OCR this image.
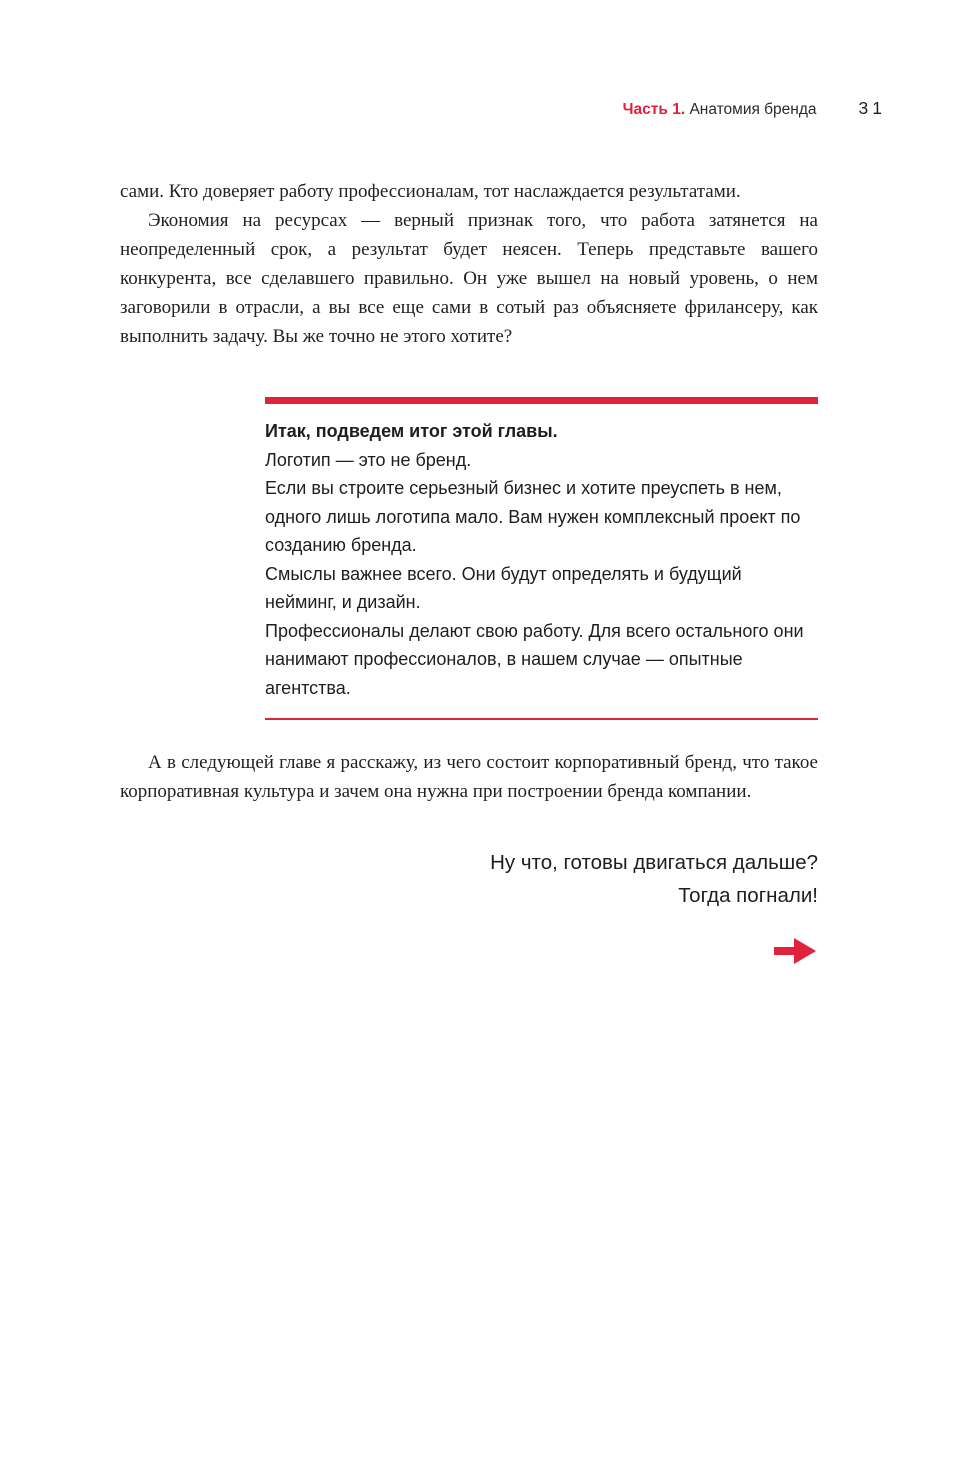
Часть 1. Анатомия бренда 31

сами. Кто доверяет работу профессионалам, тот наслаждается результатами.

Экономия на ресурсах — верный признак того, что работа затянется на неопределенный срок, а результат будет неясен. Теперь представьте вашего конкурента, все сделавшего правильно. Он уже вышел на новый уровень, о нем заговорили в отрасли, а вы все еще сами в сотый раз объясняете фрилансеру, как выполнить задачу. Вы же точно не этого хотите?

Итак, подведем итог этой главы.

Логотип — это не бренд.

Если вы строите серьезный бизнес и хотите преуспеть в нем, одного лишь логотипа мало. Вам нужен комплексный проект по созданию бренда.

Смыслы важнее всего. Они будут определять и будущий нейминг, и дизайн.

Профессионалы делают свою работу. Для всего остального они нанимают профессионалов, в нашем случае — опытные агентства.

А в следующей главе я расскажу, из чего состоит корпоративный бренд, что такое корпоративная культура и зачем она нужна при построении бренда компании.

Ну что, готовы двигаться дальше?
Тогда погнали!
